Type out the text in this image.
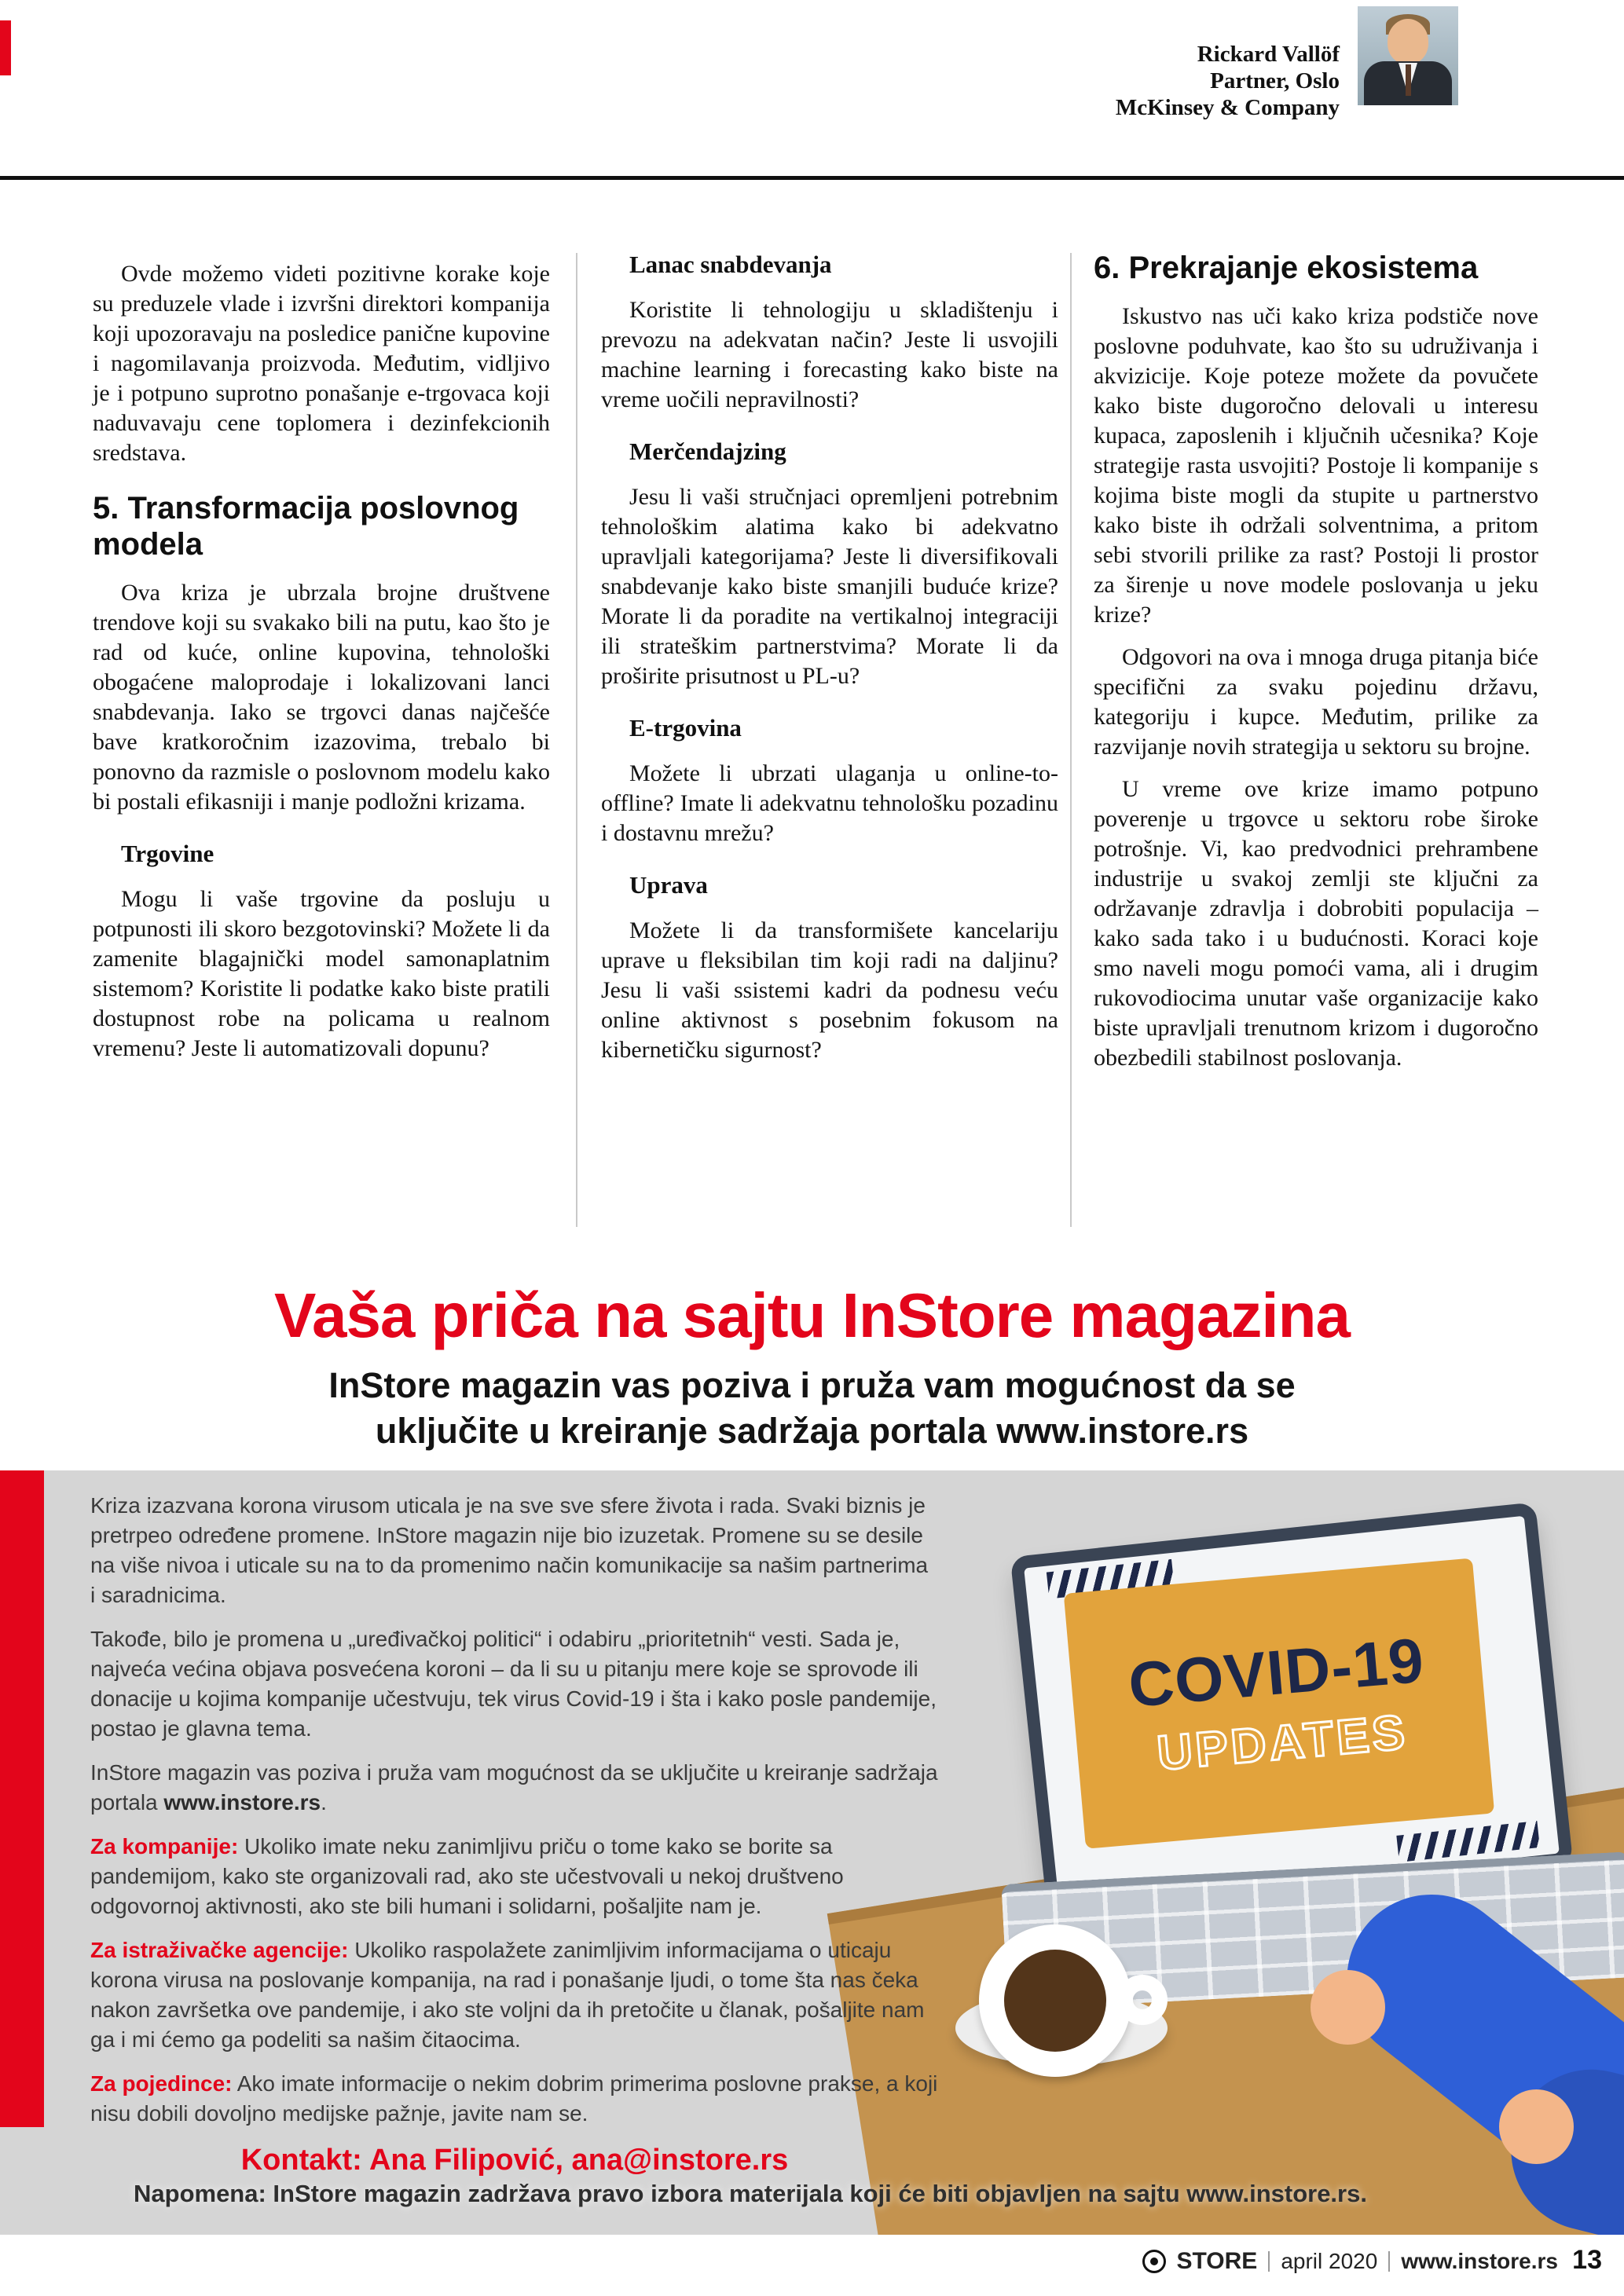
Rickard Vallöf
Partner, Oslo
McKinsey & Company

Ovde možemo videti pozitivne korake koje su preduzele vlade i izvršni direktori kompanija koji upozoravaju na posledice panične kupovine i nagomilavanja proizvoda. Međutim, vidljivo je i potpuno suprotno ponašanje e-trgovaca koji naduvavaju cene toplomera i dezinfekcionih sredstava.

5. Transformacija poslovnog modela

Ova kriza je ubrzala brojne društvene trendove koji su svakako bili na putu, kao što je rad od kuće, online kupovina, tehnološki obogaćene maloprodaje i lokalizovani lanci snabdevanja. Iako se trgovci danas najčešće bave kratkoročnim izazovima, trebalo bi ponovno da razmisle o poslovnom modelu kako bi postali efikasniji i manje podložni krizama.

Trgovine

Mogu li vaše trgovine da posluju u potpunosti ili skoro bezgotovinski? Možete li da zamenite blagajnički model samonaplatnim sistemom? Koristite li podatke kako biste pratili dostupnost robe na policama u realnom vremenu? Jeste li automatizovali dopunu?

Lanac snabdevanja

Koristite li tehnologiju u skladištenju i prevozu na adekvatan način? Jeste li usvojili machine learning i forecasting kako biste na vreme uočili nepravilnosti?

Merčendajzing

Jesu li vaši stručnjaci opremljeni potrebnim tehnološkim alatima kako bi adekvatno upravljali kategorijama? Jeste li diversifikovali snabdevanje kako biste smanjili buduće krize? Morate li da poradite na vertikalnoj integraciji ili strateškim partnerstvima? Morate li da proširite prisutnost u PL-u?

E-trgovina

Možete li ubrzati ulaganja u online-to-offline? Imate li adekvatnu tehnološku pozadinu i dostavnu mrežu?

Uprava

Možete li da transformišete kancelariju uprave u fleksibilan tim koji radi na daljinu? Jesu li vaši ssistemi kadri da podnesu veću online aktivnost s posebnim fokusom na kibernetičku sigurnost?

6. Prekrajanje ekosistema

Iskustvo nas uči kako kriza podstiče nove poslovne poduhvate, kao što su udruživanja i akvizicije. Koje poteze možete da povučete kako biste dugoročno delovali u interesu kupaca, zaposlenih i ključnih učesnika? Koje strategije rasta usvojiti? Postoje li kompanije s kojima biste mogli da stupite u partnerstvo kako biste ih održali solventnima, a pritom sebi stvorili prilike za rast? Postoji li prostor za širenje u nove modele poslovanja u jeku krize?

Odgovori na ova i mnoga druga pitanja biće specifični za svaku pojedinu državu, kategoriju i kupce. Međutim, prilike za razvijanje novih strategija u sektoru su brojne.

U vreme ove krize imamo potpuno poverenje u trgovce u sektoru robe široke potrošnje. Vi, kao predvodnici prehrambene industrije u svakoj zemlji ste ključni za održavanje zdravlja i dobrobiti populacija – kako sada tako i u budućnosti. Koraci koje smo naveli mogu pomoći vama, ali i drugim rukovodiocima unutar vaše organizacije kako biste upravljali trenutnom krizom i dugoročno obezbedili stabilnost poslovanja.

Vaša priča na sajtu InStore magazina
InStore magazin vas poziva i pruža vam mogućnost da se
uključite u kreiranje sadržaja portala www.instore.rs
COVID-19
UPDATES

Kriza izazvana korona virusom uticala je na sve sve sfere života i rada. Svaki biznis je pretrpeo određene promene. InStore magazin nije bio izuzetak. Promene su se desile na više nivoa i uticale su na to da promenimo način komunikacije sa našim partnerima i saradnicima.

Takođe, bilo je promena u „uređivačkoj politici“ i odabiru „prioritetnih“ vesti. Sada je, najveća većina objava posvećena koroni – da li su u pitanju mere koje se sprovode ili donacije u kojima kompanije učestvuju, tek virus Covid-19 i šta i kako posle pandemije, postao je glavna tema.

InStore magazin vas poziva i pruža vam mogućnost da se uključite u kreiranje sadržaja portala www.instore.rs.

Za kompanije: Ukoliko imate neku zanimljivu priču o tome kako se borite sa pandemijom, kako ste organizovali rad, ako ste učestvovali u nekoj društveno odgovornoj aktivnosti, ako ste bili humani i solidarni, pošaljite nam je.

Za istraživačke agencije: Ukoliko raspolažete zanimljivim informacijama o uticaju korona virusa na poslovanje kompanija, na rad i ponašanje ljudi, o tome šta nas čeka nakon završetka ove pandemije, i ako ste voljni da ih pretočite u članak, pošaljite nam ga i mi ćemo ga podeliti sa našim čitaocima.

Za pojedince: Ako imate informacije o nekim dobrim primerima poslovne prakse, a koji nisu dobili dovoljno medijske pažnje, javite nam se.

Kontakt: Ana Filipović, ana@instore.rs
Napomena: InStore magazin zadržava pravo izbora materijala koji će biti objavljen na sajtu www.instore.rs.
STORE april 2020 www.instore.rs 13
